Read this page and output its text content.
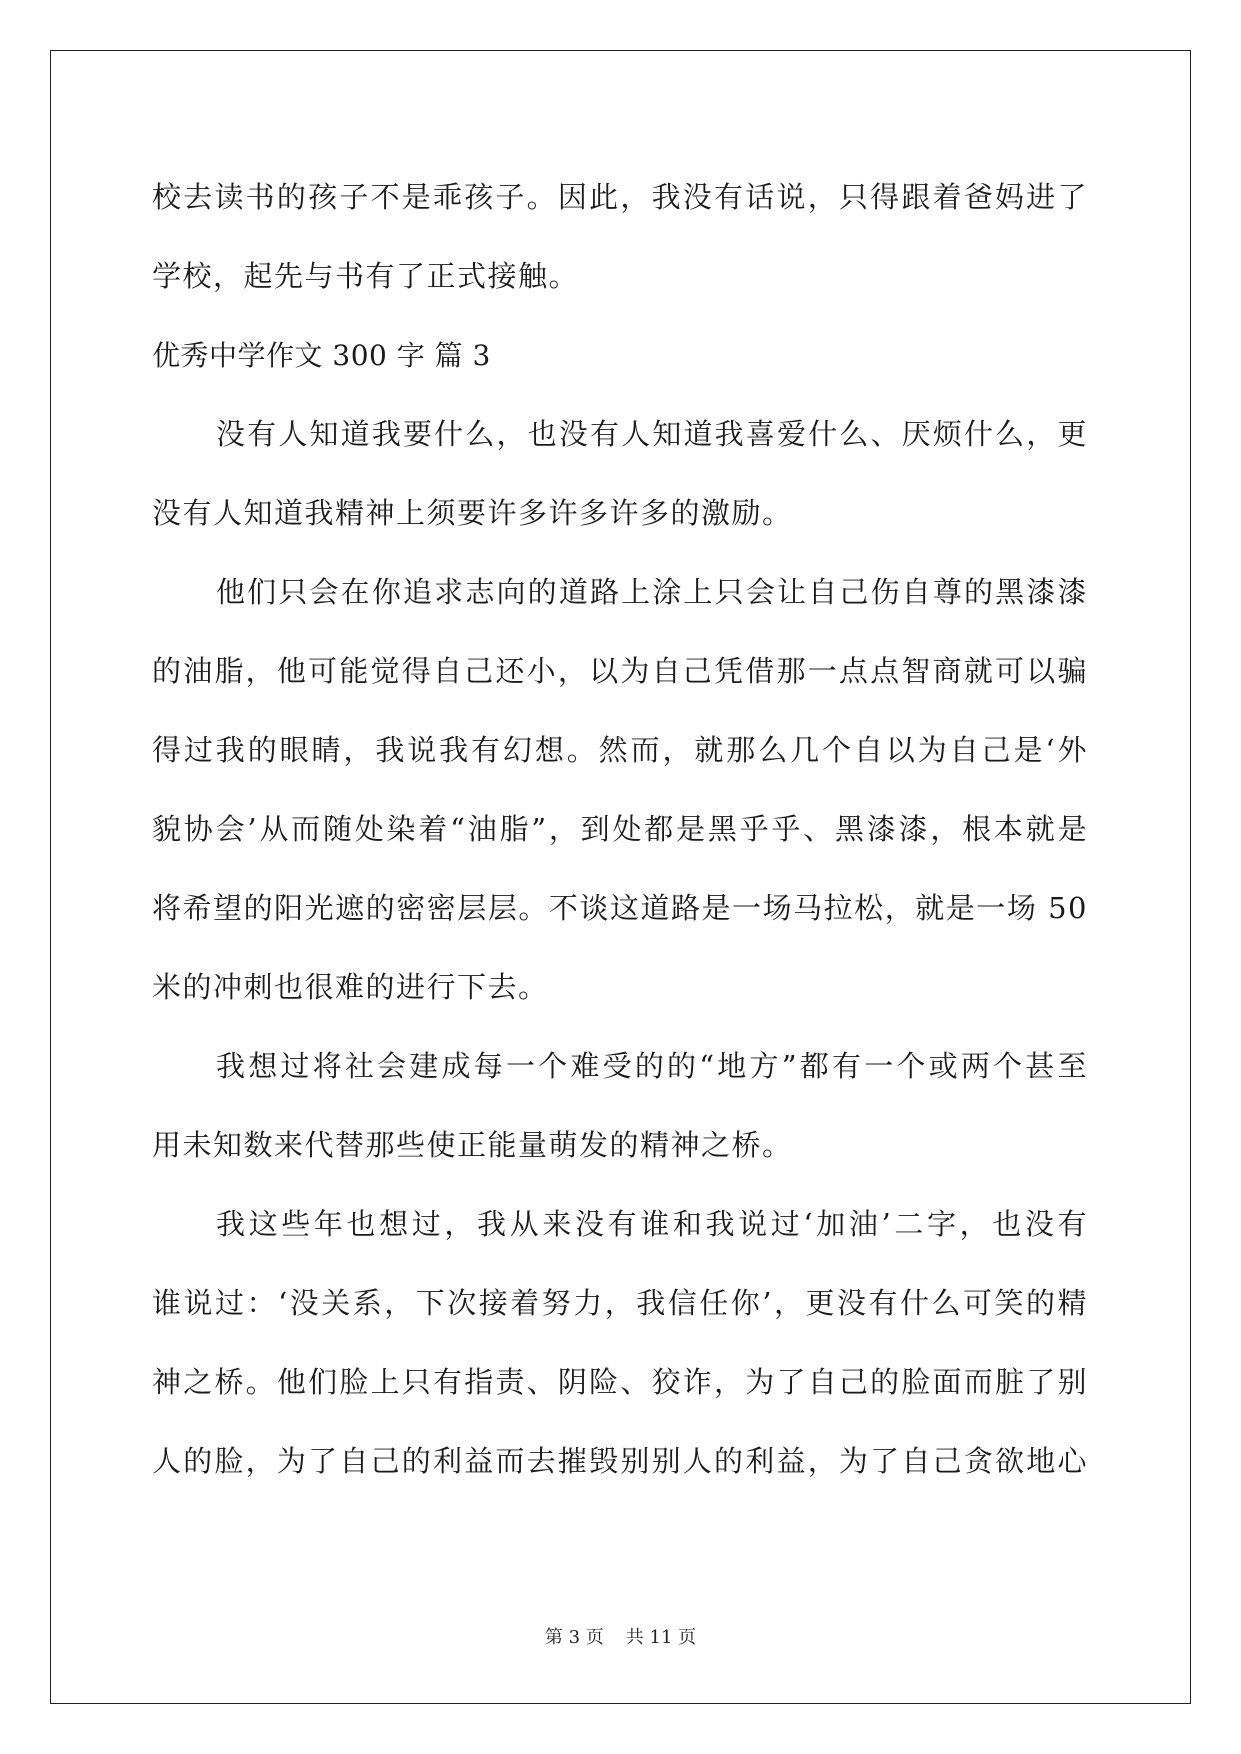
校去读书的孩子不是乖孩子。因此，我没有话说，只得跟着爸妈进了
学校，起先与书有了正式接触。
优秀中学作文 300 字 篇 3
没有人知道我要什么，也没有人知道我喜爱什么、厌烦什么，更
没有人知道我精神上须要许多许多许多的激励。
他们只会在你追求志向的道路上涂上只会让自己伤自尊的黑漆漆
的油脂，他可能觉得自己还小，以为自己凭借那一点点智商就可以骗
得过我的眼睛，我说我有幻想。然而，就那么几个自以为自己是‘外
貌协会’从而随处染着“油脂”，到处都是黑乎乎、黑漆漆，根本就是
将希望的阳光遮的密密层层。不谈这道路是一场马拉松，就是一场 50
米的冲刺也很难的进行下去。
我想过将社会建成每一个难受的的“地方”都有一个或两个甚至
用未知数来代替那些使正能量萌发的精神之桥。
我这些年也想过，我从来没有谁和我说过‘加油’二字，也没有
谁说过：‘没关系，下次接着努力，我信任你’，更没有什么可笑的精
神之桥。他们脸上只有指责、阴险、狡诈，为了自己的脸面而脏了别
人的脸，为了自己的利益而去摧毁别别人的利益，为了自己贪欲地心
第 3 页 共 11 页
